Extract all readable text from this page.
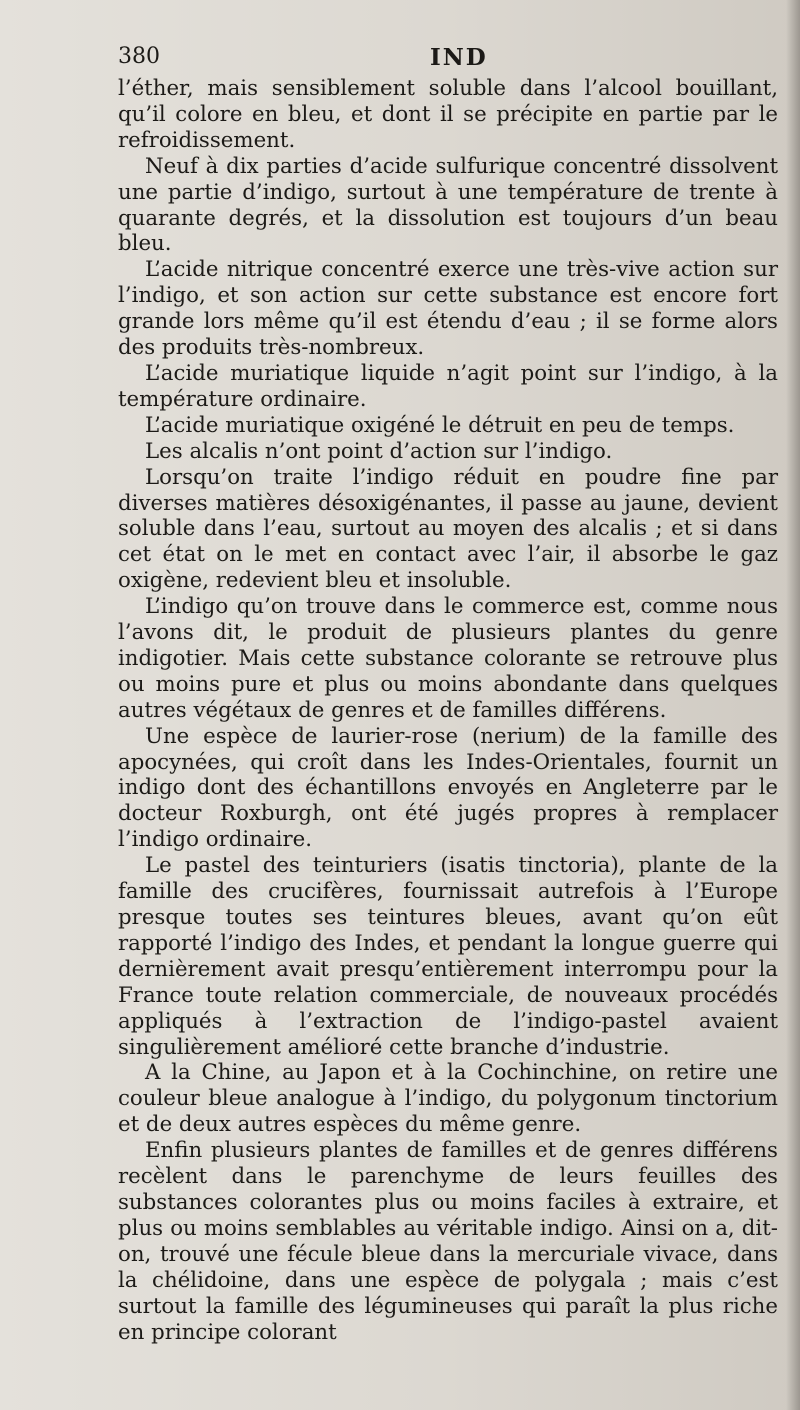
380	IND

l’éther, mais sensiblement soluble dans l’alcool bouillant, qu’il colore en bleu, et dont il se précipite en partie par le refroidissement.

Neuf à dix parties d’acide sulfurique concentré dissolvent une partie d’indigo, surtout à une température de trente à quarante degrés, et la dissolution est toujours d’un beau bleu.

L’acide nitrique concentré exerce une très-vive action sur l’indigo, et son action sur cette substance est encore fort grande lors même qu’il est étendu d’eau ; il se forme alors des produits très-nombreux.

L’acide muriatique liquide n’agit point sur l’indigo, à la température ordinaire.

L’acide muriatique oxigéné le détruit en peu de temps.

Les alcalis n’ont point d’action sur l’indigo.

Lorsqu’on traite l’indigo réduit en poudre fine par diverses matières désoxigénantes, il passe au jaune, devient soluble dans l’eau, surtout au moyen des alcalis ; et si dans cet état on le met en contact avec l’air, il absorbe le gaz oxigène, redevient bleu et insoluble.

L’indigo qu’on trouve dans le commerce est, comme nous l’avons dit, le produit de plusieurs plantes du genre indigotier. Mais cette substance colorante se retrouve plus ou moins pure et plus ou moins abondante dans quelques autres végétaux de genres et de familles différens.

Une espèce de laurier-rose (nerium) de la famille des apocynées, qui croît dans les Indes-Orientales, fournit un indigo dont des échantillons envoyés en Angleterre par le docteur Roxburgh, ont été jugés propres à remplacer l’indigo ordinaire.

Le pastel des teinturiers (isatis tinctoria), plante de la famille des crucifères, fournissait autrefois à l’Europe presque toutes ses teintures bleues, avant qu’on eût rapporté l’indigo des Indes, et pendant la longue guerre qui dernièrement avait presqu’entièrement interrompu pour la France toute relation commerciale, de nouveaux procédés appliqués à l’extraction de l’indigo-pastel avaient singulièrement amélioré cette branche d’industrie.

A la Chine, au Japon et à la Cochinchine, on retire une couleur bleue analogue à l’indigo, du polygonum tinctorium et de deux autres espèces du même genre.

Enfin plusieurs plantes de familles et de genres différens recèlent dans le parenchyme de leurs feuilles des substances colorantes plus ou moins faciles à extraire, et plus ou moins semblables au véritable indigo. Ainsi on a, dit-on, trouvé une fécule bleue dans la mercuriale vivace, dans la chélidoine, dans une espèce de polygala ; mais c’est surtout la famille des légumineuses qui paraît la plus riche en principe colorant
